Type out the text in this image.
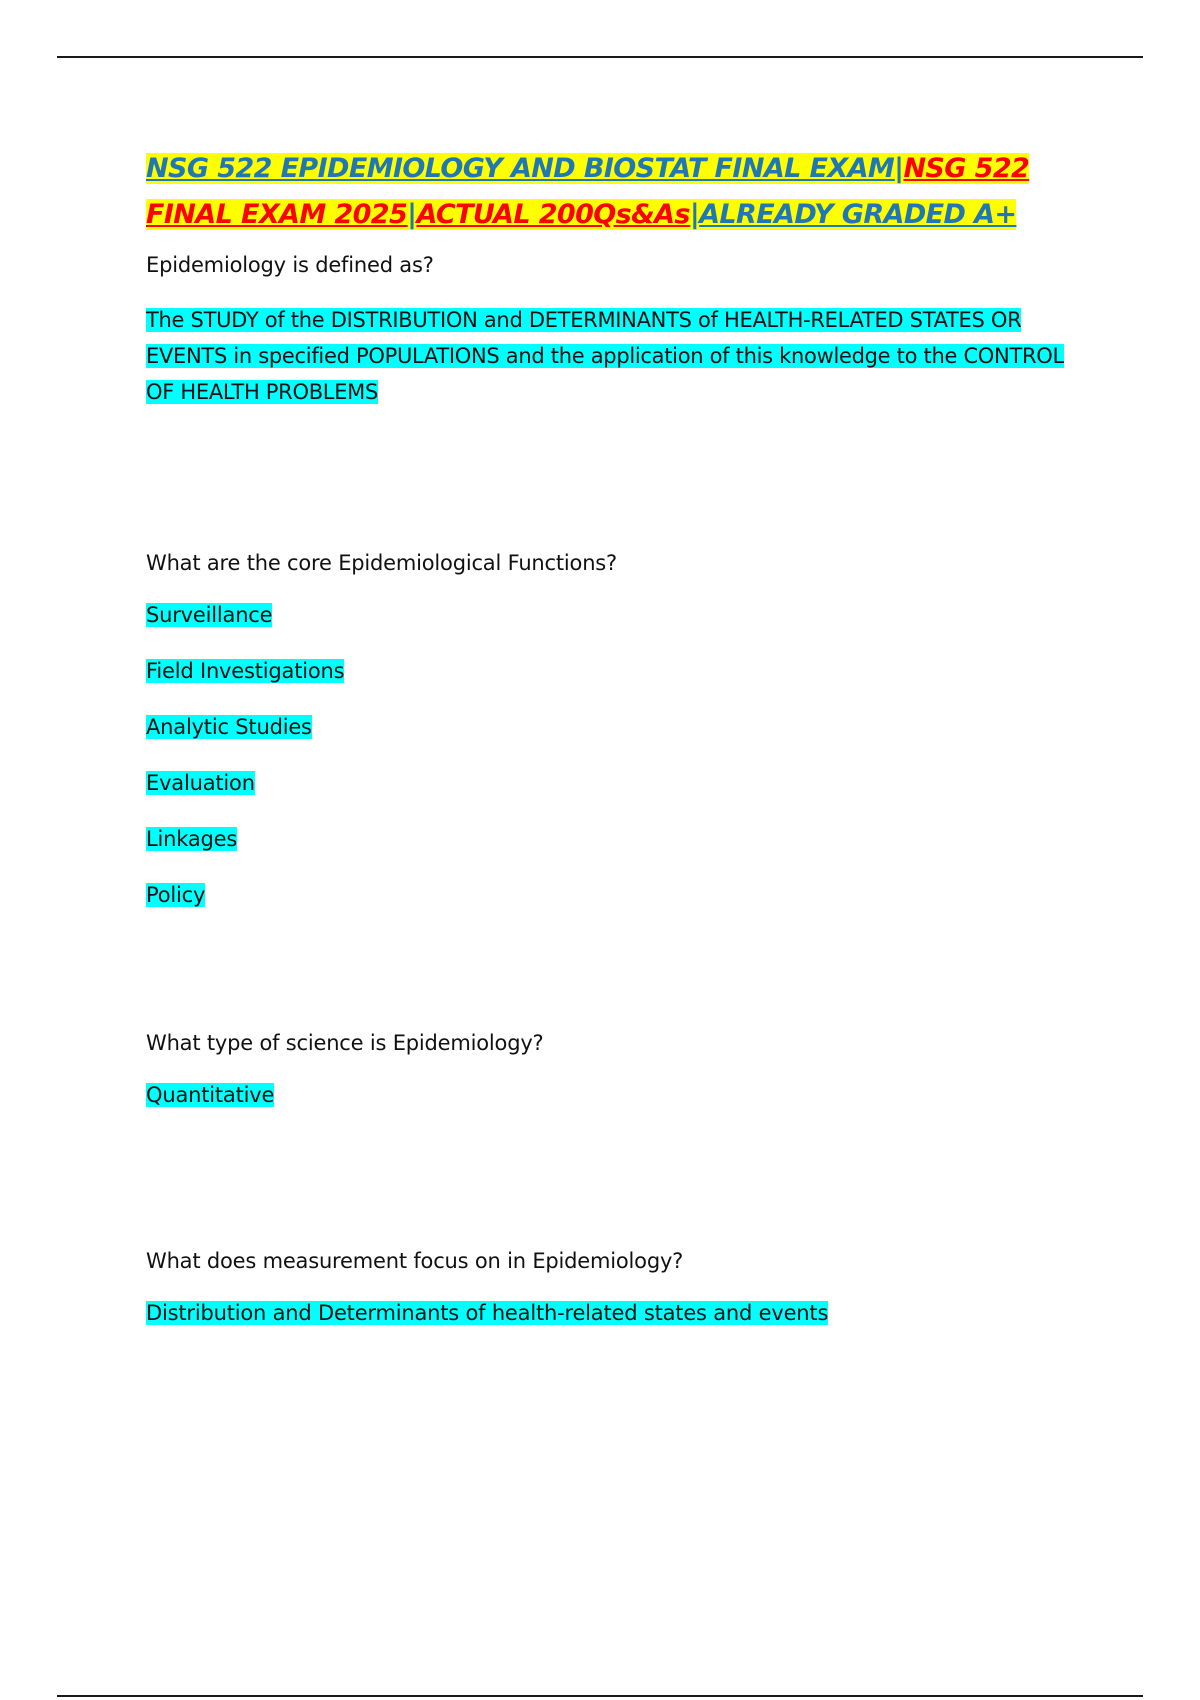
NSG 522 EPIDEMIOLOGY AND BIOSTAT FINAL EXAM|NSG 522 FINAL EXAM 2025|ACTUAL 200Qs&As|ALREADY GRADED A+

Epidemiology is defined as?

The STUDY of the DISTRIBUTION and DETERMINANTS of HEALTH-RELATED STATES OR EVENTS in specified POPULATIONS and the application of this knowledge to the CONTROL OF HEALTH PROBLEMS

What are the core Epidemiological Functions?

Surveillance

Field Investigations

Analytic Studies

Evaluation

Linkages

Policy

What type of science is Epidemiology?

Quantitative

What does measurement focus on in Epidemiology?

Distribution and Determinants of health-related states and events
